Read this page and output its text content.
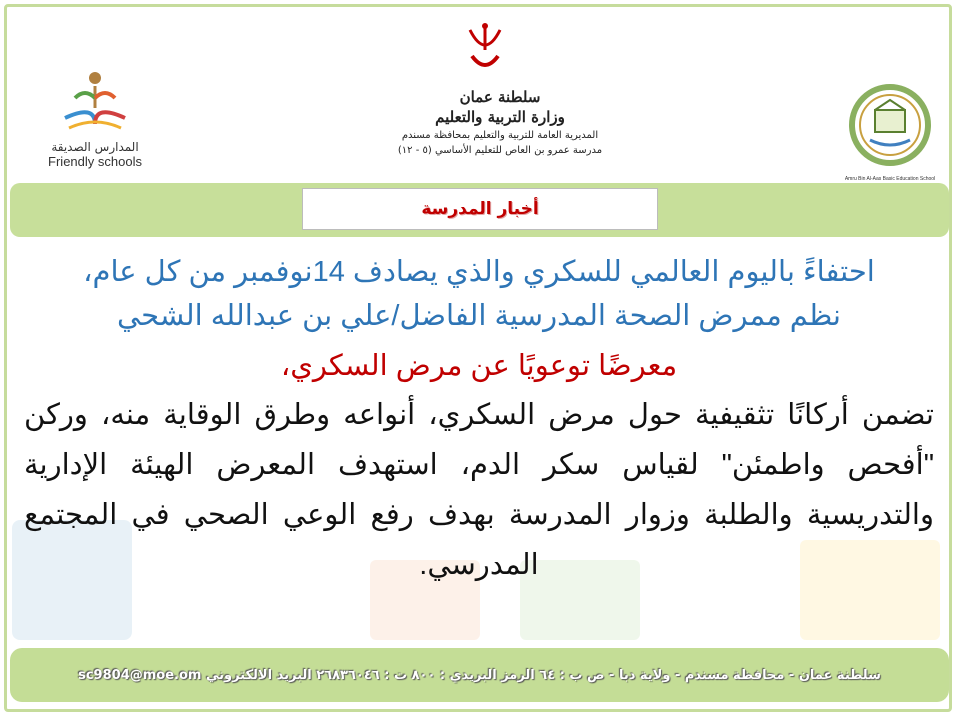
المدارس الصديقة
Friendly schools
سلطنة عمان
وزارة التربية والتعليم
المديرية العامة للتربية والتعليم بمحافظة مسندم
مدرسة عمرو بن العاص للتعليم الأساسي (٥ - ١٢)
Amru Bin Al-Aas Basic Education School
أخبار المدرسة

احتفاءً باليوم العالمي للسكري والذي يصادف 14نوفمبر من كل عام،

نظم ممرض الصحة المدرسية الفاضل/علي بن عبدالله الشحي

معرضًا توعويًا عن مرض السكري،

تضمن أركانًا تثقيفية حول مرض السكري، أنواعه وطرق الوقاية منه، وركن "أفحص واطمئن" لقياس سكر الدم، استهدف المعرض الهيئة الإدارية والتدريسية والطلبة وزوار المدرسة بهدف رفع الوعي الصحي في المجتمع المدرسي.

سلطنة عمان - محافظة مسندم - ولاية دبا - ص ب : ٦٤ الرمز البريدي : ٨٠٠ ت : ٢٦٨٣٦٠٤٦ البريد الالكتروني sc9804@moe.om
